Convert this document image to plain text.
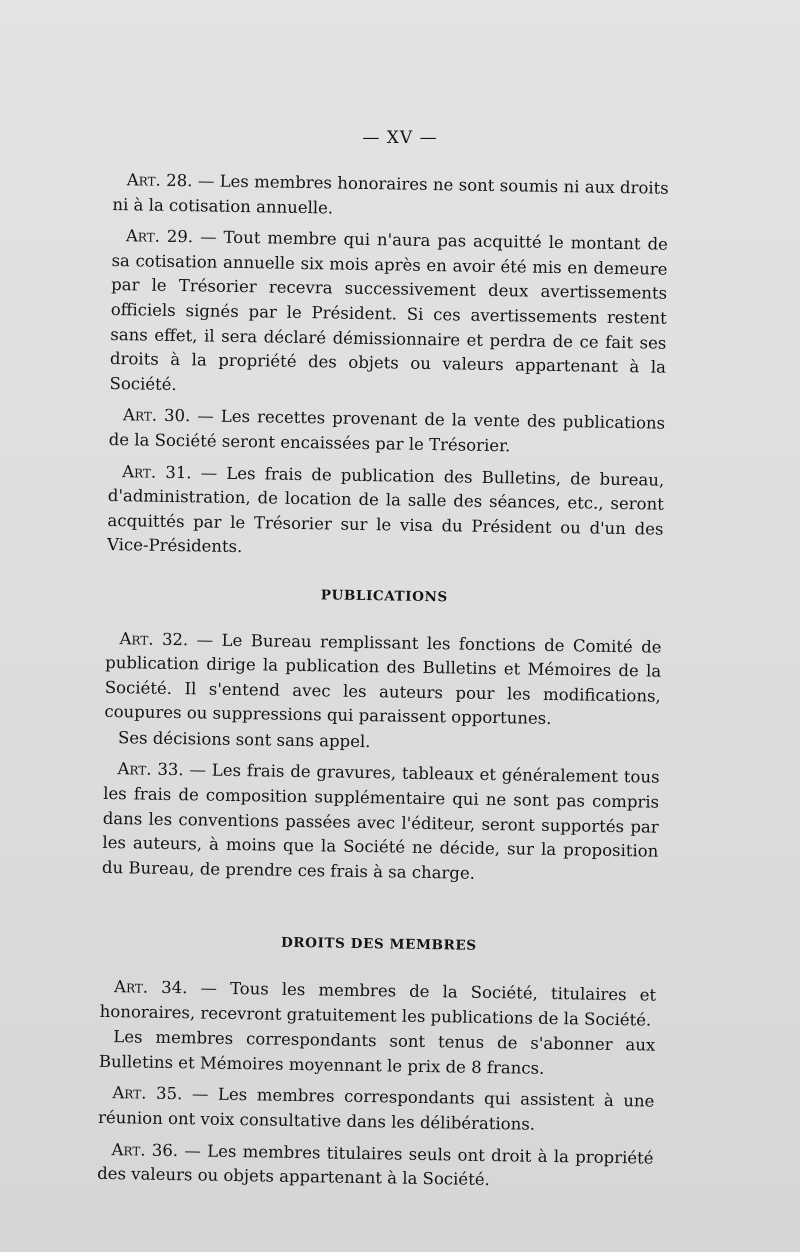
— XV —

Art. 28. — Les membres honoraires ne sont soumis ni aux droits ni à la cotisation annuelle.

Art. 29. — Tout membre qui n'aura pas acquitté le montant de sa cotisation annuelle six mois après en avoir été mis en demeure par le Trésorier recevra successivement deux avertissements officiels signés par le Président. Si ces avertissements restent sans effet, il sera déclaré démissionnaire et perdra de ce fait ses droits à la propriété des objets ou valeurs appartenant à la Société.

Art. 30. — Les recettes provenant de la vente des publications de la Société seront encaissées par le Trésorier.

Art. 31. — Les frais de publication des Bulletins, de bureau, d'administration, de location de la salle des séances, etc., seront acquittés par le Trésorier sur le visa du Président ou d'un des Vice-Présidents.

PUBLICATIONS

Art. 32. — Le Bureau remplissant les fonctions de Comité de publication dirige la publication des Bulletins et Mémoires de la Société. Il s'entend avec les auteurs pour les modifications, coupures ou suppressions qui paraissent opportunes.

Ses décisions sont sans appel.

Art. 33. — Les frais de gravures, tableaux et généralement tous les frais de composition supplémentaire qui ne sont pas compris dans les conventions passées avec l'éditeur, seront supportés par les auteurs, à moins que la Société ne décide, sur la proposition du Bureau, de prendre ces frais à sa charge.

DROITS DES MEMBRES

Art. 34. — Tous les membres de la Société, titulaires et honoraires, recevront gratuitement les publications de la Société.

Les membres correspondants sont tenus de s'abonner aux Bulletins et Mémoires moyennant le prix de 8 francs.

Art. 35. — Les membres correspondants qui assistent à une réunion ont voix consultative dans les délibérations.

Art. 36. — Les membres titulaires seuls ont droit à la propriété des valeurs ou objets appartenant à la Société.
